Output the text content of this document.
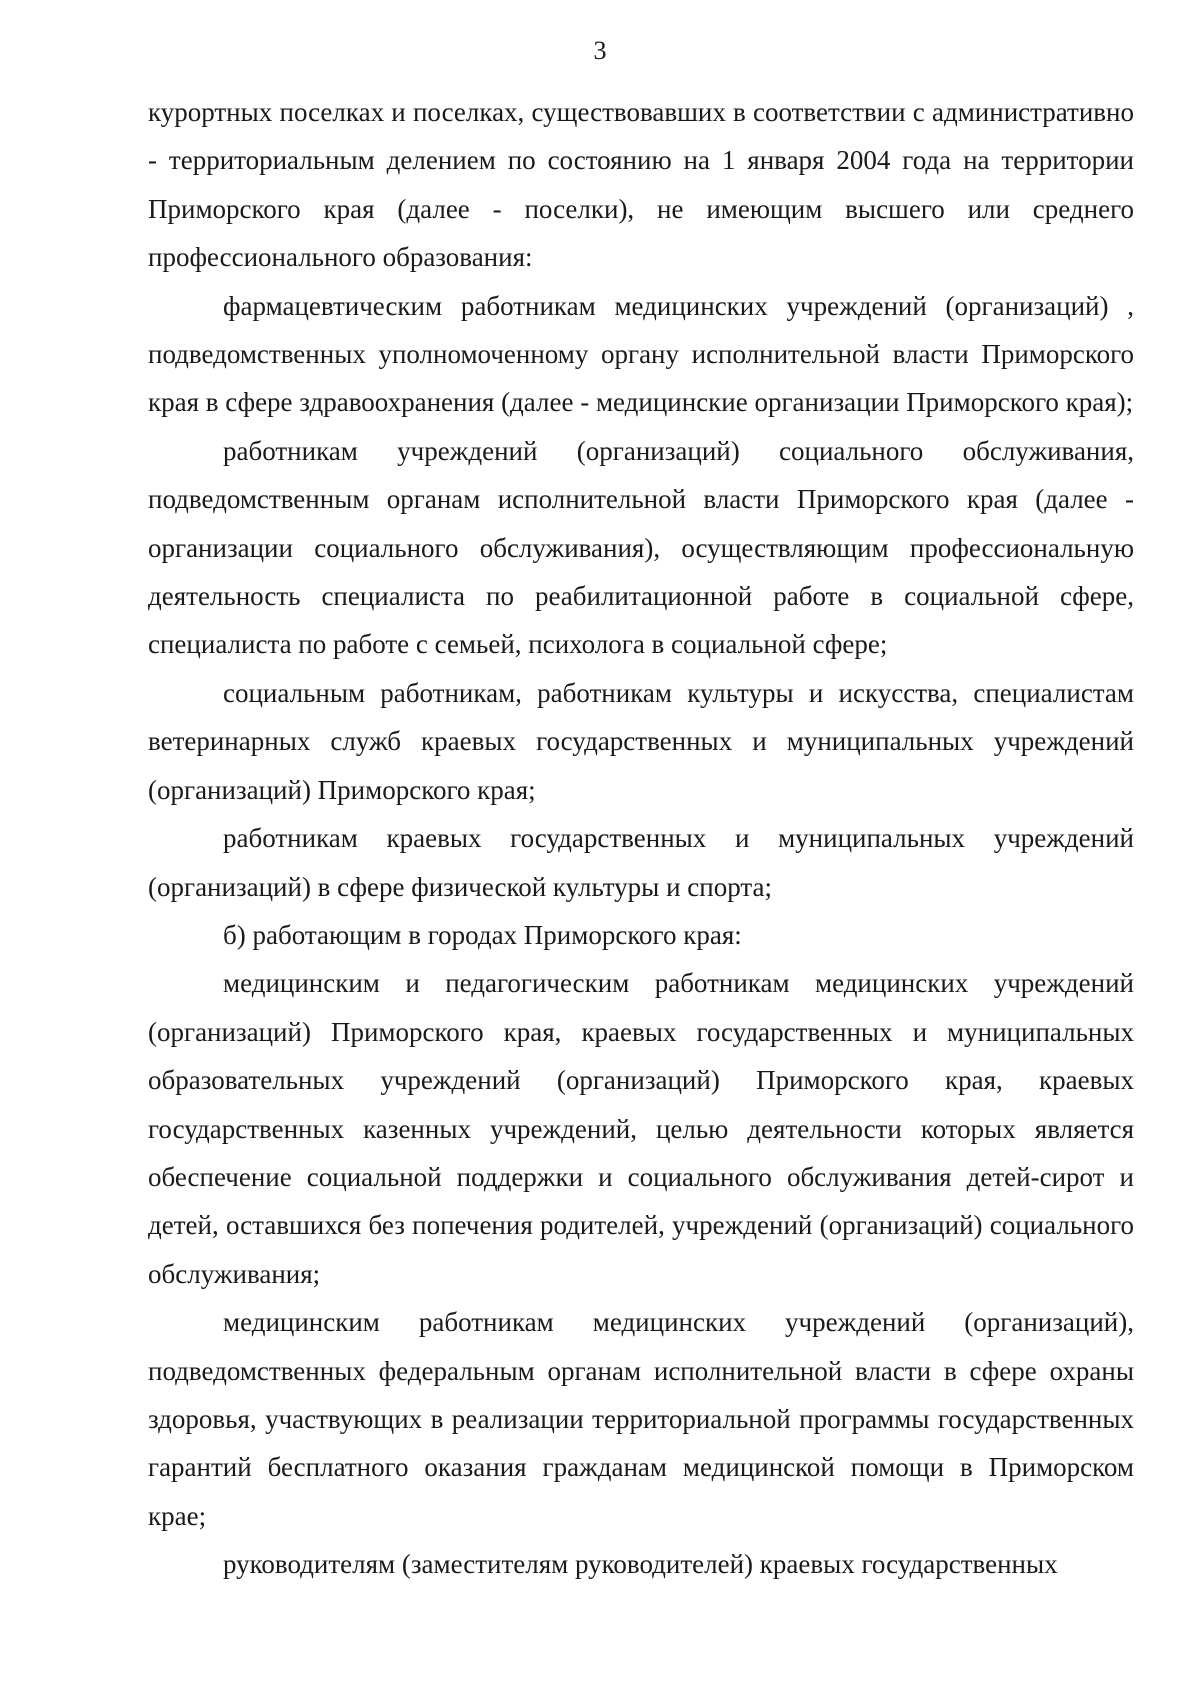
3

курортных поселках и поселках, существовавших в соответствии с административно - территориальным делением по состоянию на 1 января 2004 года на территории Приморского края (далее - поселки), не имеющим высшего или среднего профессионального образования:

фармацевтическим работникам медицинских учреждений (организаций) , подведомственных уполномоченному органу исполнительной власти Приморского края в сфере здравоохранения (далее - медицинские организации Приморского края);

работникам учреждений (организаций) социального обслуживания, подведомственным органам исполнительной власти Приморского края (далее - организации социального обслуживания), осуществляющим профессиональную деятельность специалиста по реабилитационной работе в социальной сфере, специалиста по работе с семьей, психолога в социальной сфере;

социальным работникам, работникам культуры и искусства, специалистам ветеринарных служб краевых государственных и муниципальных учреждений (организаций) Приморского края;

работникам краевых государственных и муниципальных учреждений (организаций) в сфере физической культуры и спорта;

б) работающим в городах Приморского края:

медицинским и педагогическим работникам медицинских учреждений (организаций) Приморского края, краевых государственных и муниципальных образовательных учреждений (организаций) Приморского края, краевых государственных казенных учреждений, целью деятельности которых является обеспечение социальной поддержки и социального обслуживания детей-сирот и детей, оставшихся без попечения родителей, учреждений (организаций) социального обслуживания;

медицинским работникам медицинских учреждений (организаций), подведомственных федеральным органам исполнительной власти в сфере охраны здоровья, участвующих в реализации территориальной программы государственных гарантий бесплатного оказания гражданам медицинской помощи в Приморском крае;

руководителям (заместителям руководителей) краевых государственных
